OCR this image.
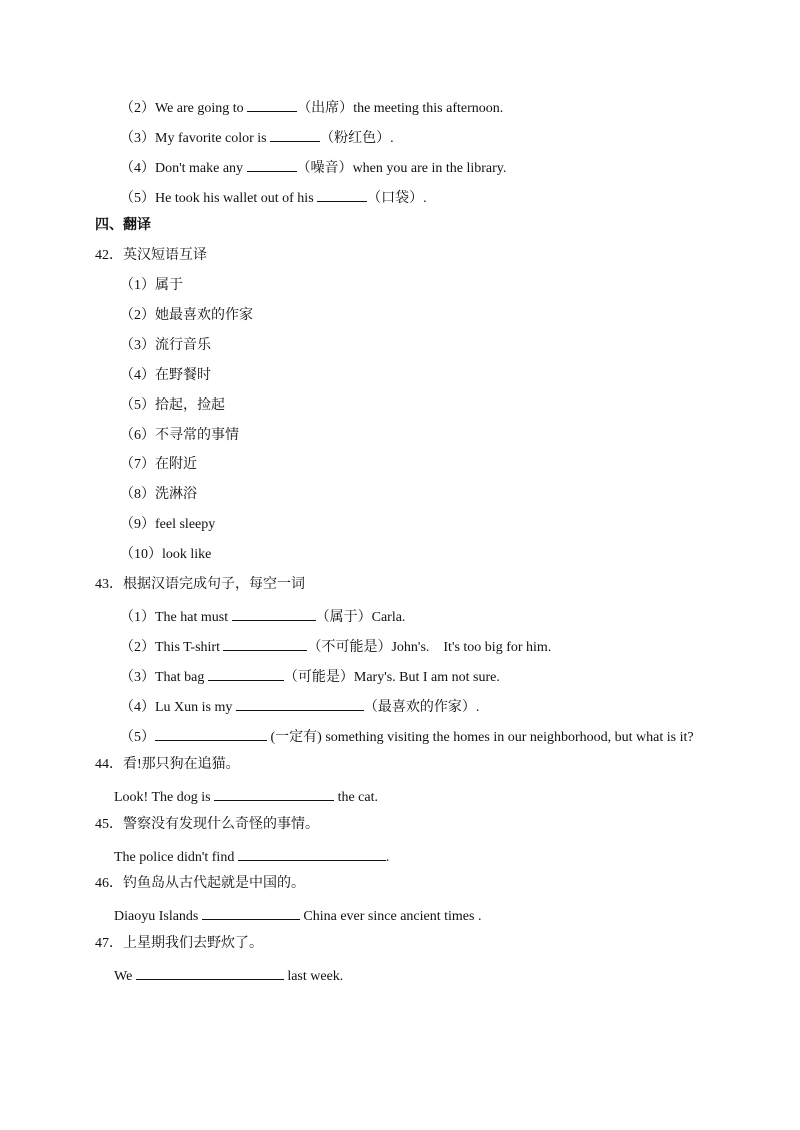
（2）We are going to	（出席）the meeting this afternoon.
（3）My favorite color is	（粉红色）.
（4）Don't make any	（噪音）when you are in the library.
（5）He took his wallet out of his	（口袋）.
四、翻译
42．英汉短语互译
（1）属于
（2）她最喜欢的作家
（3）流行音乐
（4）在野餐时
（5）拾起，捡起
（6）不寻常的事情
（7）在附近
（8）洗淋浴
（9）feel sleepy
（10）look like
43．根据汉语完成句子，每空一词
（1）The hat must	（属于）Carla.
（2）This T-shirt	（不可能是）John's.    It's too big for him.
（3）That bag	（可能是）Mary's. But I am not sure.
（4）Lu Xun is my	（最喜欢的作家）.
（5）	(一定有) something visiting the homes in our neighborhood, but what is it?
44．看!那只狗在追猫。
Look! The dog is	the cat.
45．警察没有发现什么奇怪的事情。
The police didn't find	.
46．钓鱼岛从古代起就是中国的。
Diaoyu Islands	China ever since ancient times .
47．上星期我们去野炊了。
We	last week.
